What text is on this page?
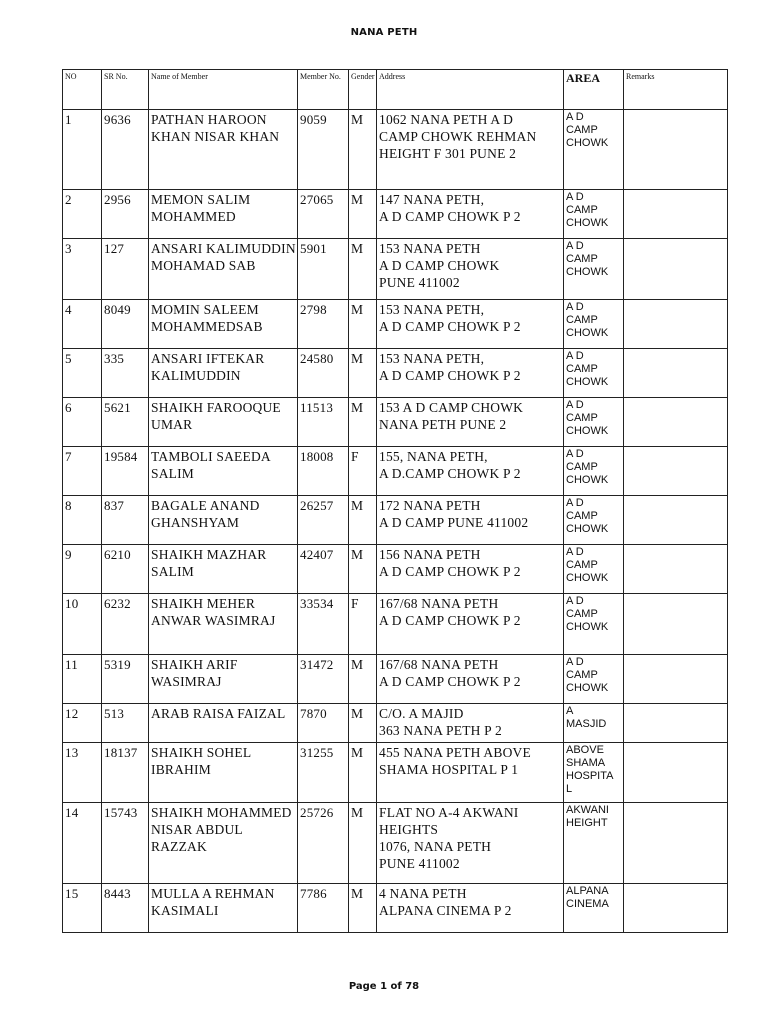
NANA PETH
NO	SR No.	Name of Member	Member No.	Gender	Address	AREA	Remarks
1	9636	PATHAN HAROON KHAN NISAR KHAN	9059	M	1062 NANA PETH A D
CAMP CHOWK REHMAN
HEIGHT F 301 PUNE 2	A D
CAMP
CHOWK	

2	2956	MEMON SALIM MOHAMMED	27065	M	147 NANA PETH,
A D CAMP CHOWK P 2	A D
CAMP
CHOWK	

3	127	ANSARI KALIMUDDIN MOHAMAD SAB	5901	M	153 NANA PETH
A D CAMP CHOWK
PUNE 411002	A D
CAMP
CHOWK	

4	8049	MOMIN SALEEM MOHAMMEDSAB	2798	M	153 NANA PETH,
A D CAMP CHOWK P 2	A D
CAMP
CHOWK	

5	335	ANSARI IFTEKAR KALIMUDDIN	24580	M	153 NANA PETH,
A D CAMP CHOWK P 2	A D
CAMP
CHOWK	

6	5621	SHAIKH FAROOQUE UMAR	11513	M	153 A D CAMP CHOWK
NANA PETH PUNE 2	A D
CAMP
CHOWK	

7	19584	TAMBOLI SAEEDA SALIM	18008	F	155, NANA PETH,
A D.CAMP CHOWK P 2	A D
CAMP
CHOWK	

8	837	BAGALE ANAND GHANSHYAM	26257	M	172 NANA PETH
A D CAMP PUNE 411002	A D
CAMP
CHOWK	

9	6210	SHAIKH MAZHAR SALIM	42407	M	156 NANA PETH
A D CAMP CHOWK P 2	A D
CAMP
CHOWK	

10	6232	SHAIKH MEHER ANWAR WASIMRAJ	33534	F	167/68 NANA PETH
A D CAMP CHOWK P 2	A D
CAMP
CHOWK	

11	5319	SHAIKH ARIF WASIMRAJ	31472	M	167/68 NANA PETH
A D CAMP CHOWK P 2	A D
CAMP
CHOWK	

12	513	ARAB RAISA FAIZAL	7870	M	C/O. A MAJID
363 NANA PETH P 2	A
MASJID	

13	18137	SHAIKH SOHEL IBRAHIM	31255	M	455 NANA PETH ABOVE
SHAMA HOSPITAL P 1	ABOVE
SHAMA
HOSPITA
L	

14	15743	SHAIKH MOHAMMED NISAR ABDUL RAZZAK	25726	M	FLAT NO A-4 AKWANI
HEIGHTS
1076, NANA PETH
PUNE 411002	AKWANI
HEIGHT	

15	8443	MULLA A REHMAN KASIMALI	7786	M	4 NANA PETH
ALPANA CINEMA P 2	ALPANA
CINEMA	

Page 1 of 78
